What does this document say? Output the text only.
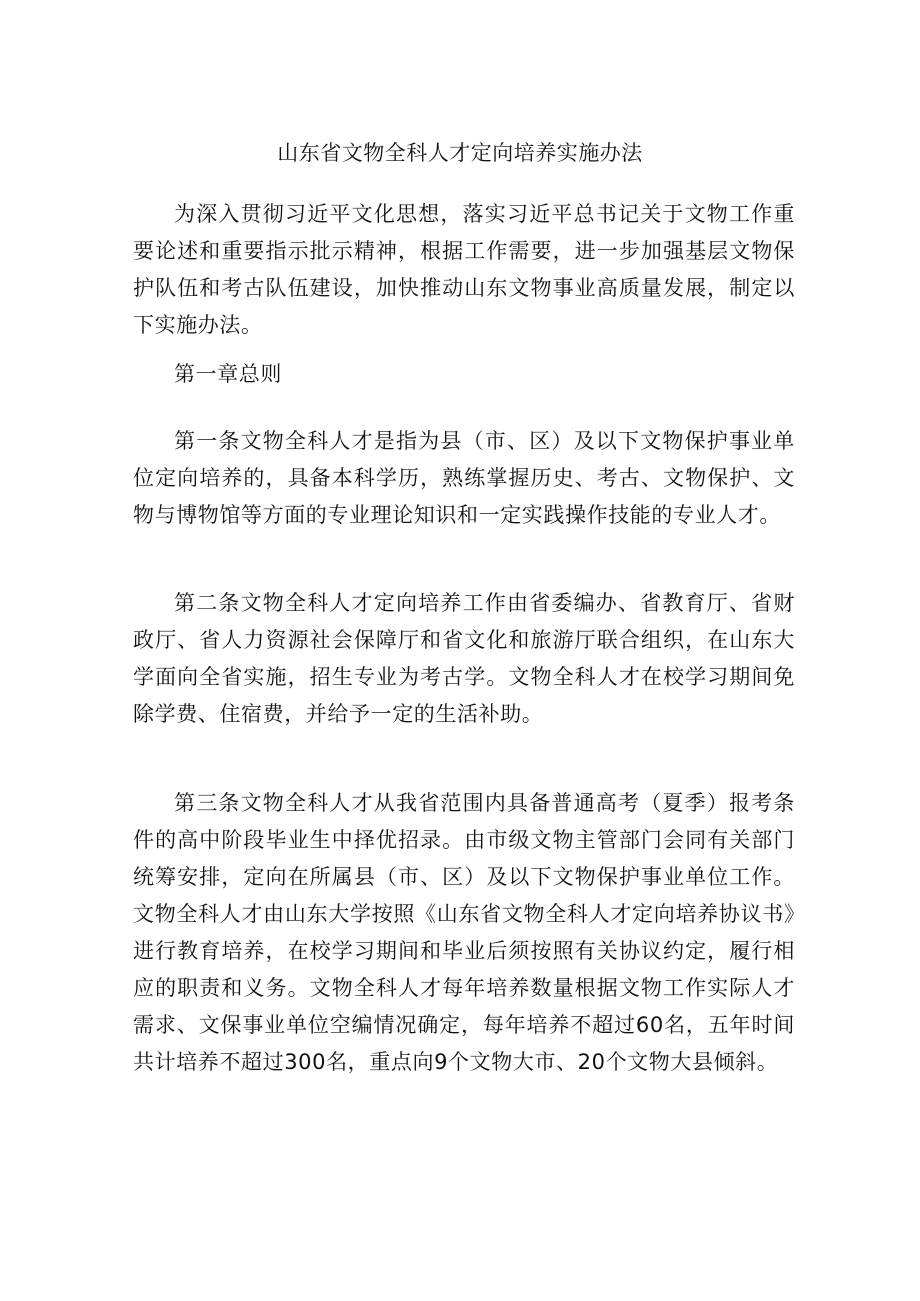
山东省文物全科人才定向培养实施办法

为深入贯彻习近平文化思想，落实习近平总书记关于文物工作重要论述和重要指示批示精神，根据工作需要，进一步加强基层文物保护队伍和考古队伍建设，加快推动山东文物事业高质量发展，制定以下实施办法。

第一章总则

第一条文物全科人才是指为县（市、区）及以下文物保护事业单位定向培养的，具备本科学历，熟练掌握历史、考古、文物保护、文物与博物馆等方面的专业理论知识和一定实践操作技能的专业人才。

第二条文物全科人才定向培养工作由省委编办、省教育厅、省财政厅、省人力资源社会保障厅和省文化和旅游厅联合组织，在山东大学面向全省实施，招生专业为考古学。文物全科人才在校学习期间免除学费、住宿费，并给予一定的生活补助。

第三条文物全科人才从我省范围内具备普通高考（夏季）报考条件的高中阶段毕业生中择优招录。由市级文物主管部门会同有关部门统筹安排，定向在所属县（市、区）及以下文物保护事业单位工作。文物全科人才由山东大学按照《山东省文物全科人才定向培养协议书》进行教育培养，在校学习期间和毕业后须按照有关协议约定，履行相应的职责和义务。文物全科人才每年培养数量根据文物工作实际人才需求、文保事业单位空编情况确定，每年培养不超过60名，五年时间共计培养不超过300名，重点向9个文物大市、20个文物大县倾斜。
